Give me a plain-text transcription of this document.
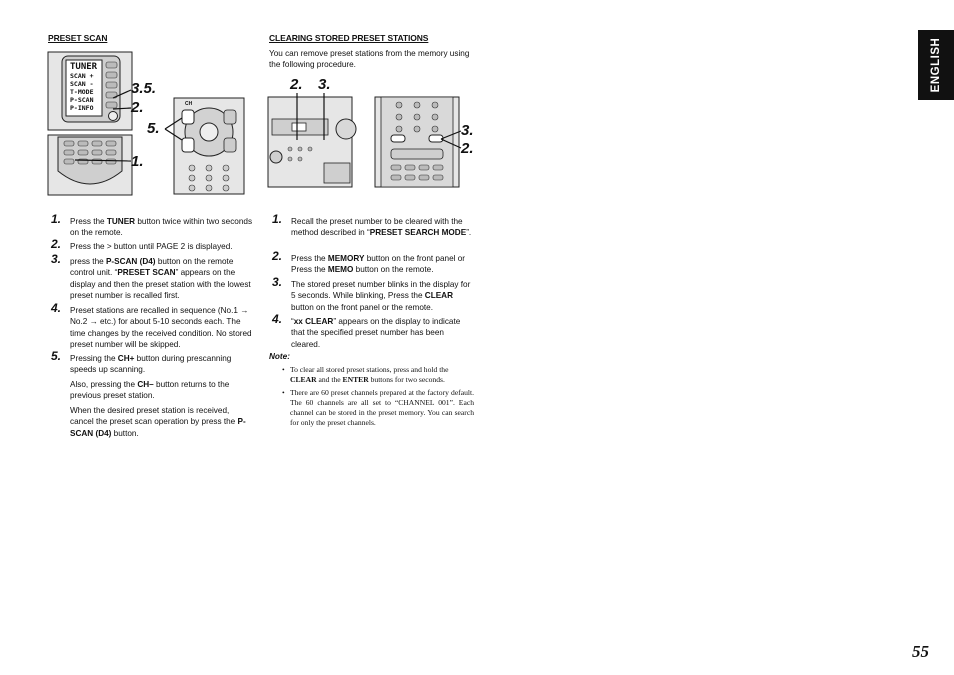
ENGLISH
PRESET SCAN	CLEARING STORED PRESET STATIONS
You can remove preset stations from the memory using the following procedure.
TUNER
SCAN +
SCAN -
T-MODE
P-SCAN
P-INFO	CH
3.5.
2.
5.
1.
2. 3.
3.
2.
1. Press the TUNER button twice within two seconds on the remote.
2. Press the > button until PAGE 2 is displayed.
3. press the P-SCAN (D4) button on the remote control unit. “PRESET SCAN” appears on the display and then the preset station with the lowest preset number is recalled first.
4. Preset stations are recalled in sequence (No.1 → No.2 → etc.) for about 5-10 seconds each. The time changes by the received condition. No stored preset number will be skipped.
5. Pressing the CH+ button during prescanning speeds up scanning.
Also, pressing the CH– button returns to the previous preset station.
When the desired preset station is received, cancel the preset scan operation by press the P-SCAN (D4) button.
1. Recall the preset number to be cleared with the method described in “PRESET SEARCH MODE”.
2. Press the MEMORY button on the front panel or Press the MEMO button on the remote.
3. The stored preset number blinks in the display for 5 seconds. While blinking, Press the CLEAR button on the front panel or the remote.
4. “xx CLEAR” appears on the display to indicate that the specified preset number has been cleared.
Note:
• To clear all stored preset stations, press and hold the CLEAR and the ENTER buttons for two seconds.
• There are 60 preset channels prepared at the factory default. The 60 channels are all set to “CHANNEL 001”. Each channel can be stored in the preset memory. You can search for only the preset channels.
55
